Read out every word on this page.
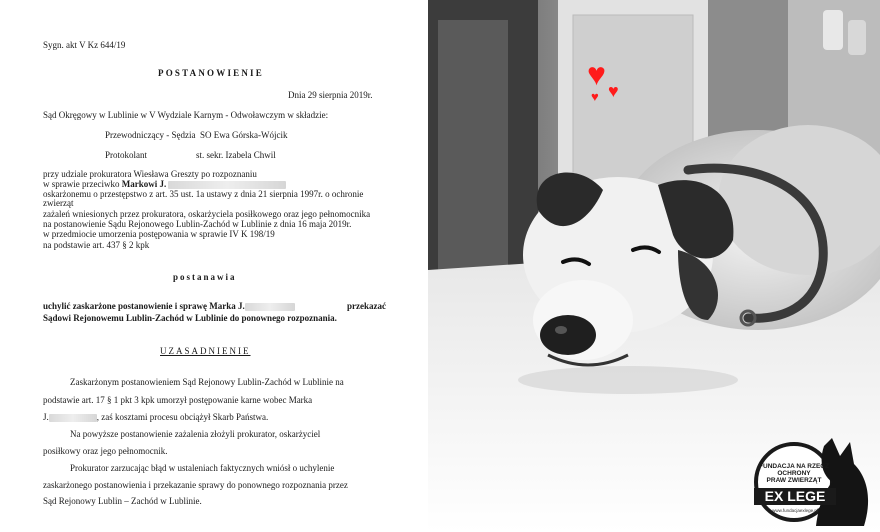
Sygn. akt V Kz 644/19
POSTANOWIENIE
Dnia 29 sierpnia 2019r.
Sąd Okręgowy w Lublinie w V Wydziale Karnym - Odwoławczym w składzie:
Przewodniczący - Sędzia SO Ewa Górska-Wójcik
Protokolant	st. sekr. Izabela Chwil
przy udziale prokuratora Wiesława Greszty po rozpoznaniu
w sprawie przeciwko Markowi J.
oskarżonemu o przestępstwo z art. 35 ust. 1a ustawy z dnia 21 sierpnia 1997r. o ochronie
zwierząt
zażaleń wniesionych przez prokuratora, oskarżyciela posiłkowego oraz jego pełnomocnika
na postanowienie Sądu Rejonowego Lublin-Zachód w Lublinie z dnia 16 maja 2019r.
w przedmiocie umorzenia postępowania w sprawie IV K 198/19
na podstawie art. 437 § 2 kpk
postanawia
uchylić zaskarżone postanowienie i sprawę Marka J.	przekazać
Sądowi Rejonowemu Lublin-Zachód w Lublinie do ponownego rozpoznania.
UZASADNIENIE
Zaskarżonym postanowieniem Sąd Rejonowy Lublin-Zachód w Lublinie na
podstawie art. 17 § 1 pkt 3 kpk umorzył postępowanie karne wobec Marka
J.	, zaś kosztami procesu obciążył Skarb Państwa.
Na powyższe postanowienie zażalenia złożyli prokurator, oskarżyciel
posiłkowy oraz jego pełnomocnik.
Prokurator zarzucając błąd w ustaleniach faktycznych wniósł o uchylenie
zaskarżonego postanowienia i przekazanie sprawy do ponownego rozpoznania przez
Sąd Rejonowy Lublin – Zachód w Lublinie.
♥ ♥
♥
FUNDACJA NA RZECZ
OCHRONY
PRAW ZWIERZĄT
EX LEGE
www.fundacjaexlege.pl
